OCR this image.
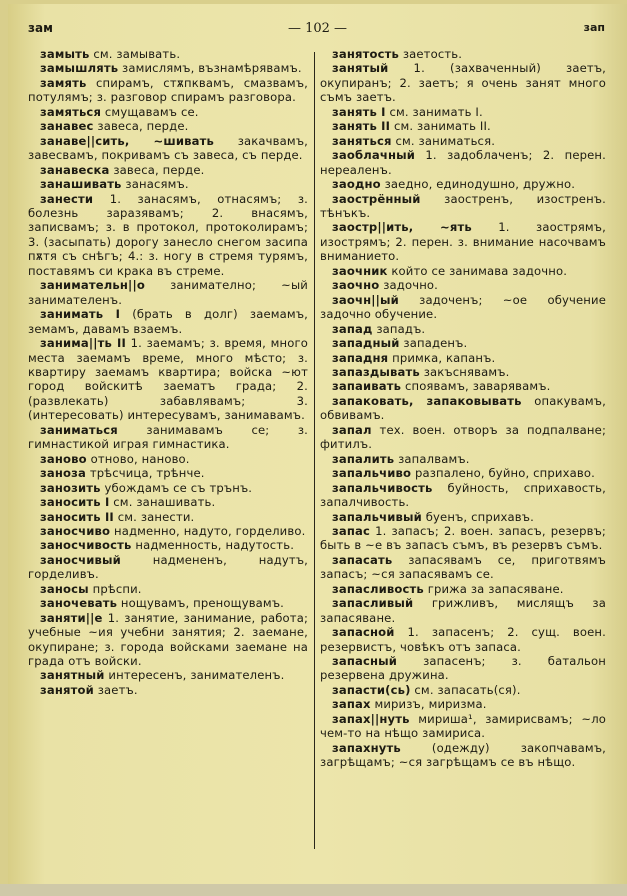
зам	— 102 —	зап

замыть см. замывать.

замышлять замислямъ, възнамѣрявамъ.

замять спирамъ, стѫпквамъ, смазвамъ, потулямъ; з. разговор спирамъ разговора.

замяться смущавамъ се.

занавес завеса, перде.

занаве||сить, ~шивать закачвамъ, завесвамъ, покривамъ съ завеса, съ перде.

занавеска завеса, перде.

занашивать занасямъ.

занести 1. занасямъ, отнасямъ; з. болезнь заразявамъ; 2. внасямъ, записвамъ; з. в протокол, протоколирамъ; 3. (засыпать) дорогу занесло снегом засипа пѫтя съ снѣгъ; 4.: з. ногу в стремя турямъ, поставямъ си крака въ стреме.

занимательн||о занимателно; ~ый занимателенъ.

занимать I (брать в долг) заемамъ, земамъ, давамъ взаемъ.

занима||ть II 1. заемамъ; з. время, много места заемамъ време, много мѣсто; з. квартиру заемамъ квартира; войска ~ют город войскитѣ заематъ града; 2. (развлекать) забавлявамъ; 3. (интересовать) интересувамъ, занимавамъ.

заниматься занимавамъ се; з. гимнастикой играя гимнастика.

заново отново, наново.

заноза трѣсчица, трѣнче.

занозить убождамъ се съ трънъ.

заносить I см. занашивать.

заносить II см. занести.

заносчиво надменно, надуто, горделиво.

заносчивость надменность, надутость.

заносчивый	надмененъ, надутъ, горделивъ.

заносы прѣспи.

заночевать нощувамъ, пренощувамъ.

заняти||е 1. занятие, занимание, работа; учебные ~ия учебни занятия; 2. заемане, окупиране; з. города войсками заемане на града отъ войски.

занятный интересенъ, занимателенъ.

занятой заетъ.

занятость заетость.

занятый 1. (захваченный) заетъ, окупиранъ; 2. заетъ; я очень занят много съмъ заетъ.

занять I см. занимать I.

занять II см. занимать II.

заняться см. заниматься.

заоблачный 1. задоблаченъ; 2. перен. нереаленъ.

заодно заедно, единодушно, дружно.

заострённый заостренъ, изостренъ. тѣнъкъ.

заостр||ить, ~ять 1. заострямъ, изострямъ; 2. перен. з. внимание насочвамъ вниманието.

заочник който се занимава задочно.

заочно задочно.

заочн||ый задоченъ; ~ое обучение задочно обучение.

запад западъ.

западный западенъ.

западня примка, капанъ.

запаздывать закъснявамъ.

запаивать споявамъ, заварявамъ.

запаковать, запаковывать опакувамъ, обвивамъ.

запал тех. воен. отворъ за подпалване; фитилъ.

запалить запалвамъ.

запальчиво разпалено, буйно, сприхаво.

запальчивость буйность, сприхавость, запалчивость.

запальчивый буенъ, сприхавъ.

запас 1. запасъ; 2. воен. запасъ, резервъ; быть в ~е въ запасъ съмъ, въ резервъ съмъ.

запасать запасявамъ се, приготвямъ запасъ; ~ся запасявамъ се.

запасливость грижа за запасяване.

запасливый грижливъ, мислящъ за запасяване.

запасной 1. запасенъ; 2. сущ. воен. резервистъ, човѣкъ отъ запаса.

запасный запасенъ; з. батальон резервена дружина.

запасти(сь) см. запасать(ся).

запах миризъ, миризма.

запах||нуть миришa¹, замирисвамъ; ~ло чем-то на нѣщо замириса.

запахнуть	(одежду) закопчавамъ, загрѣщамъ; ~ся загрѣщамъ се въ нѣщо.
